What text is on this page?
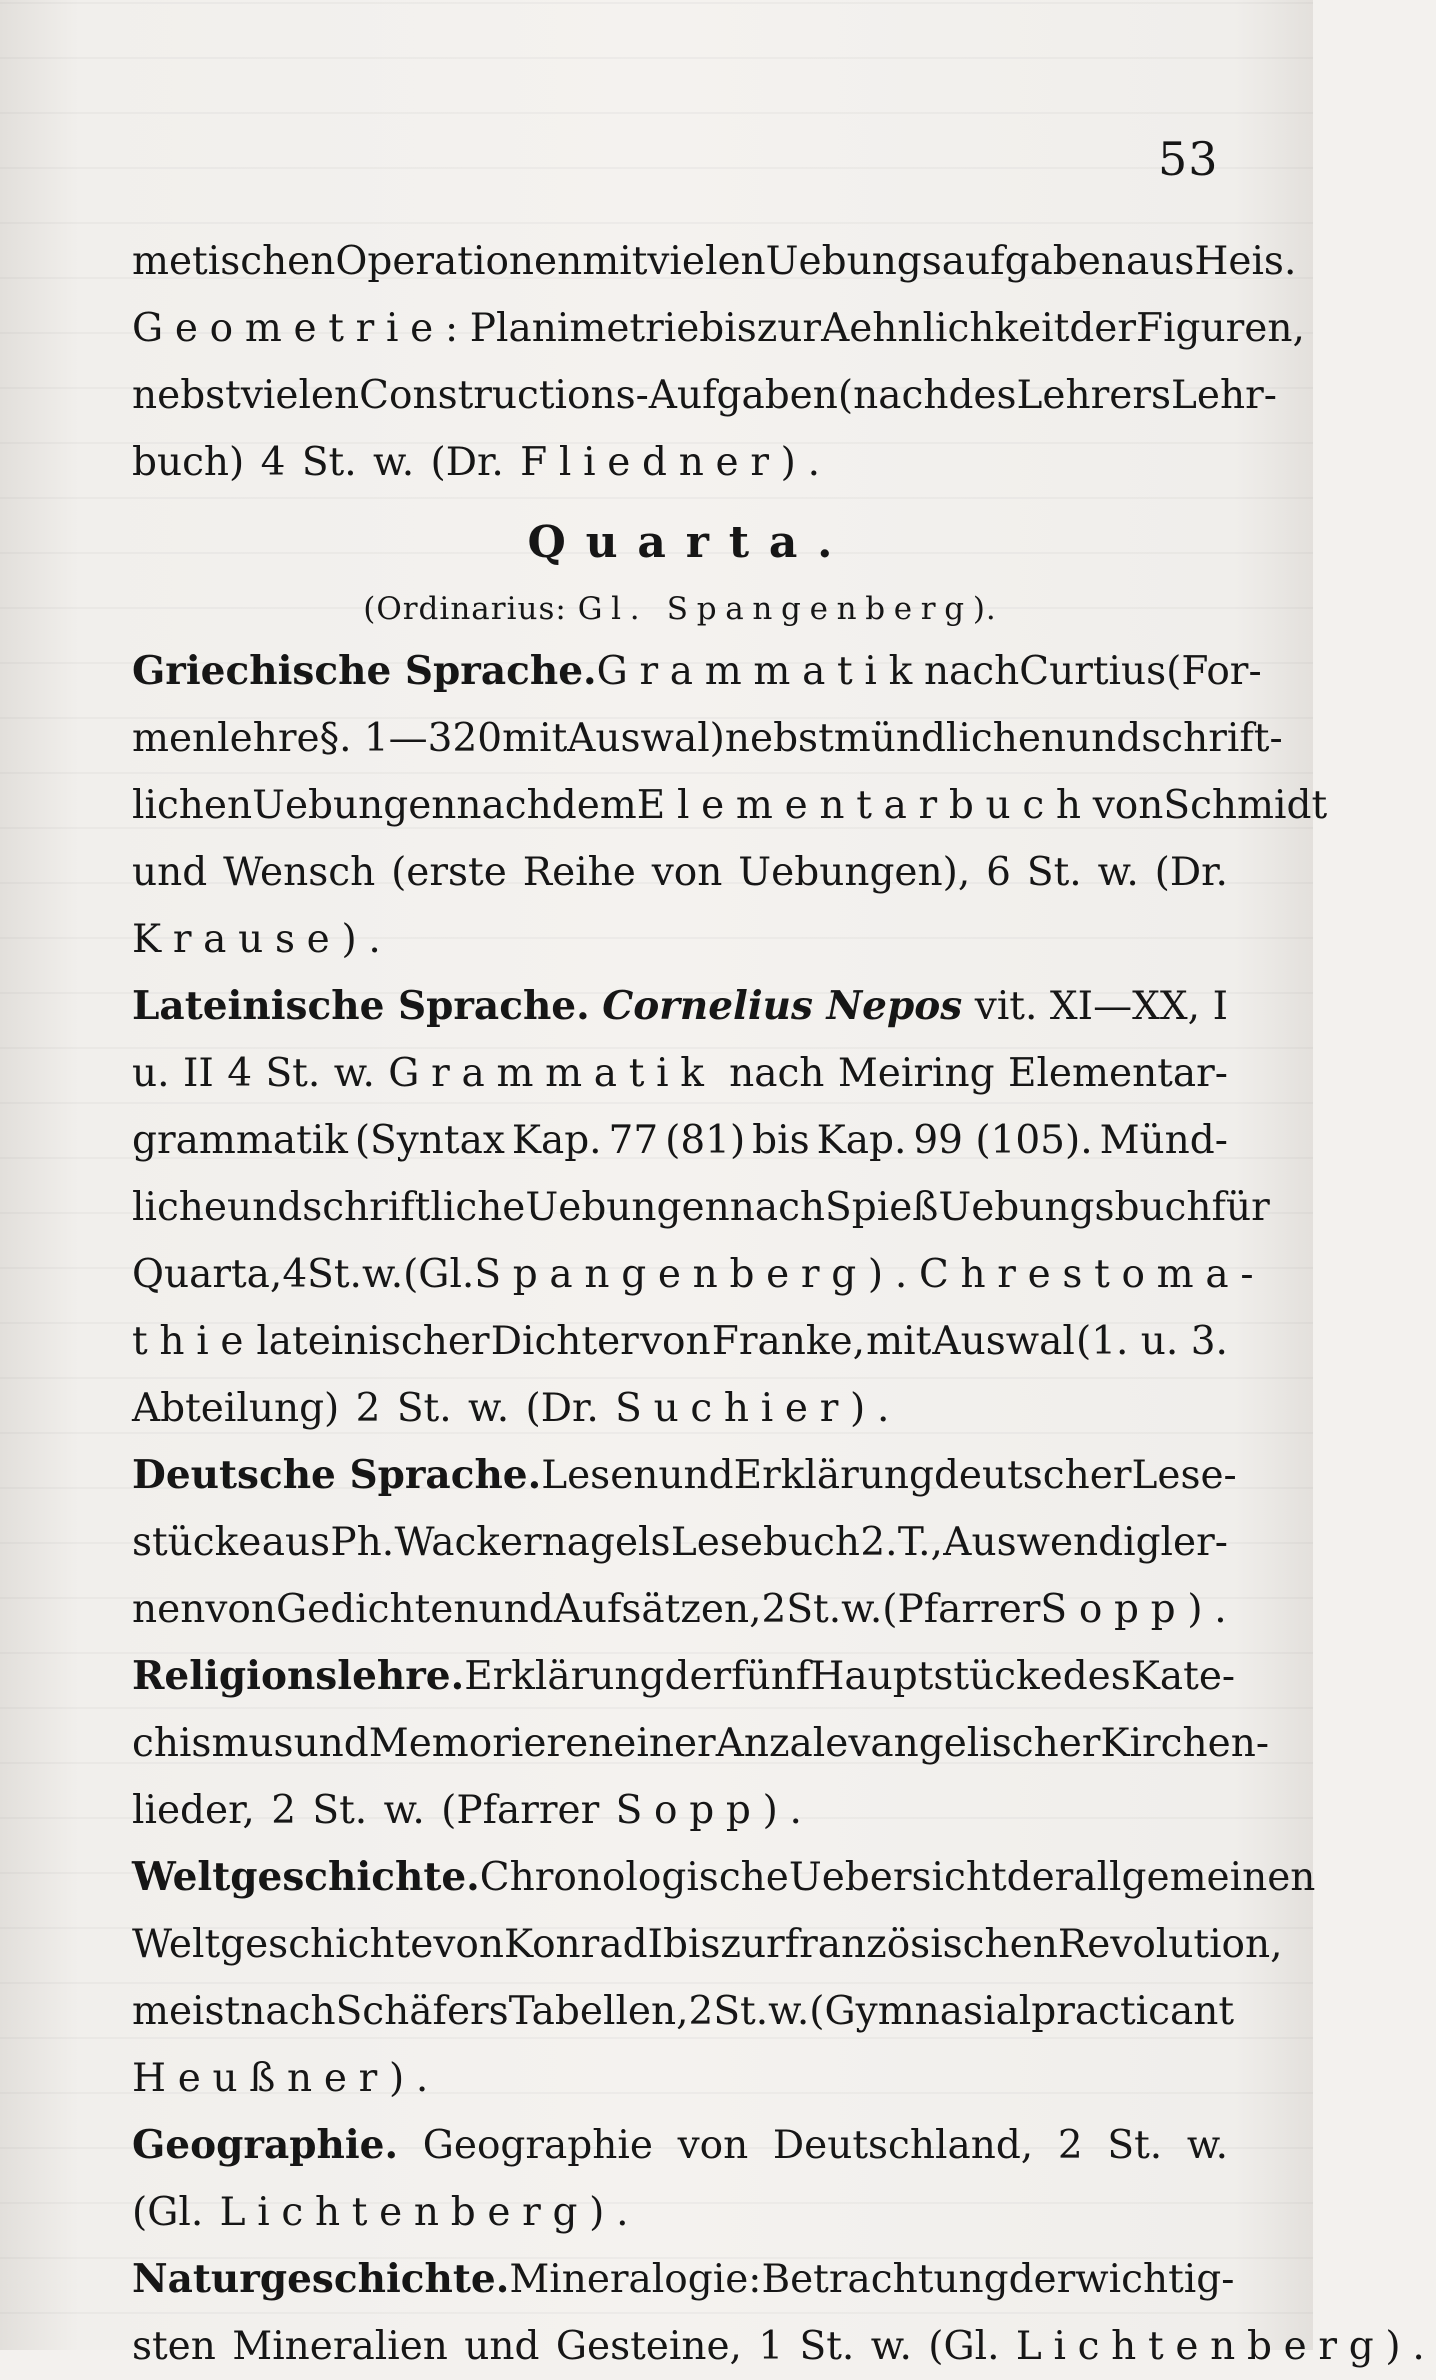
53
metischen Operationen mit vielen Uebungsaufgaben aus Heis.
Geometrie: Planimetrie bis zur Aehnlichkeit der Figuren,
nebst vielen Constructions-Aufgaben (nach des Lehrers Lehr-
buch) 4 St. w. (Dr. Fliedner).
Quarta.
(Ordinarius: Gl. Spangenberg).
Griechische Sprache. Grammatik nach Curtius (For-
menlehre §. 1—320 mit Auswal) nebst mündlichen und schrift-
lichen Uebungen nach dem Elementarbuch von Schmidt
und Wensch (erste Reihe von Uebungen), 6 St. w. (Dr.
Krause).
Lateinische Sprache. Cornelius Nepos vit. XI—XX, I
u. II 4 St. w. Grammatik nach Meiring Elementar-
grammatik (Syntax Kap. 77 (81) bis Kap. 99 (105). Münd-
liche und schriftliche Uebungen nach Spieß Uebungsbuch für
Quarta, 4 St. w. (Gl. Spangenberg). Chrestoma-
thie lateinischer Dichter von Franke, mit Auswal (1. u. 3.
Abteilung) 2 St. w. (Dr. Suchier).
Deutsche Sprache. Lesen und Erklärung deutscher Lese-
stücke aus Ph. Wackernagels Lesebuch 2. T., Auswendigler-
nen von Gedichten und Aufsätzen, 2 St. w. (Pfarrer Sopp).
Religionslehre. Erklärung der fünf Hauptstücke des Kate-
chismus und Memorieren einer Anzal evangelischer Kirchen-
lieder, 2 St. w. (Pfarrer Sopp).
Weltgeschichte. Chronologische Uebersicht der allgemeinen
Weltgeschichte von Konrad I bis zur französischen Revolution,
meist nach Schäfers Tabellen, 2 St. w. (Gymnasialpracticant
Heußner).
Geographie. Geographie von Deutschland, 2 St. w.
(Gl. Lichtenberg).
Naturgeschichte. Mineralogie: Betrachtung der wichtig-
sten Mineralien und Gesteine, 1 St. w. (Gl. Lichtenberg).
